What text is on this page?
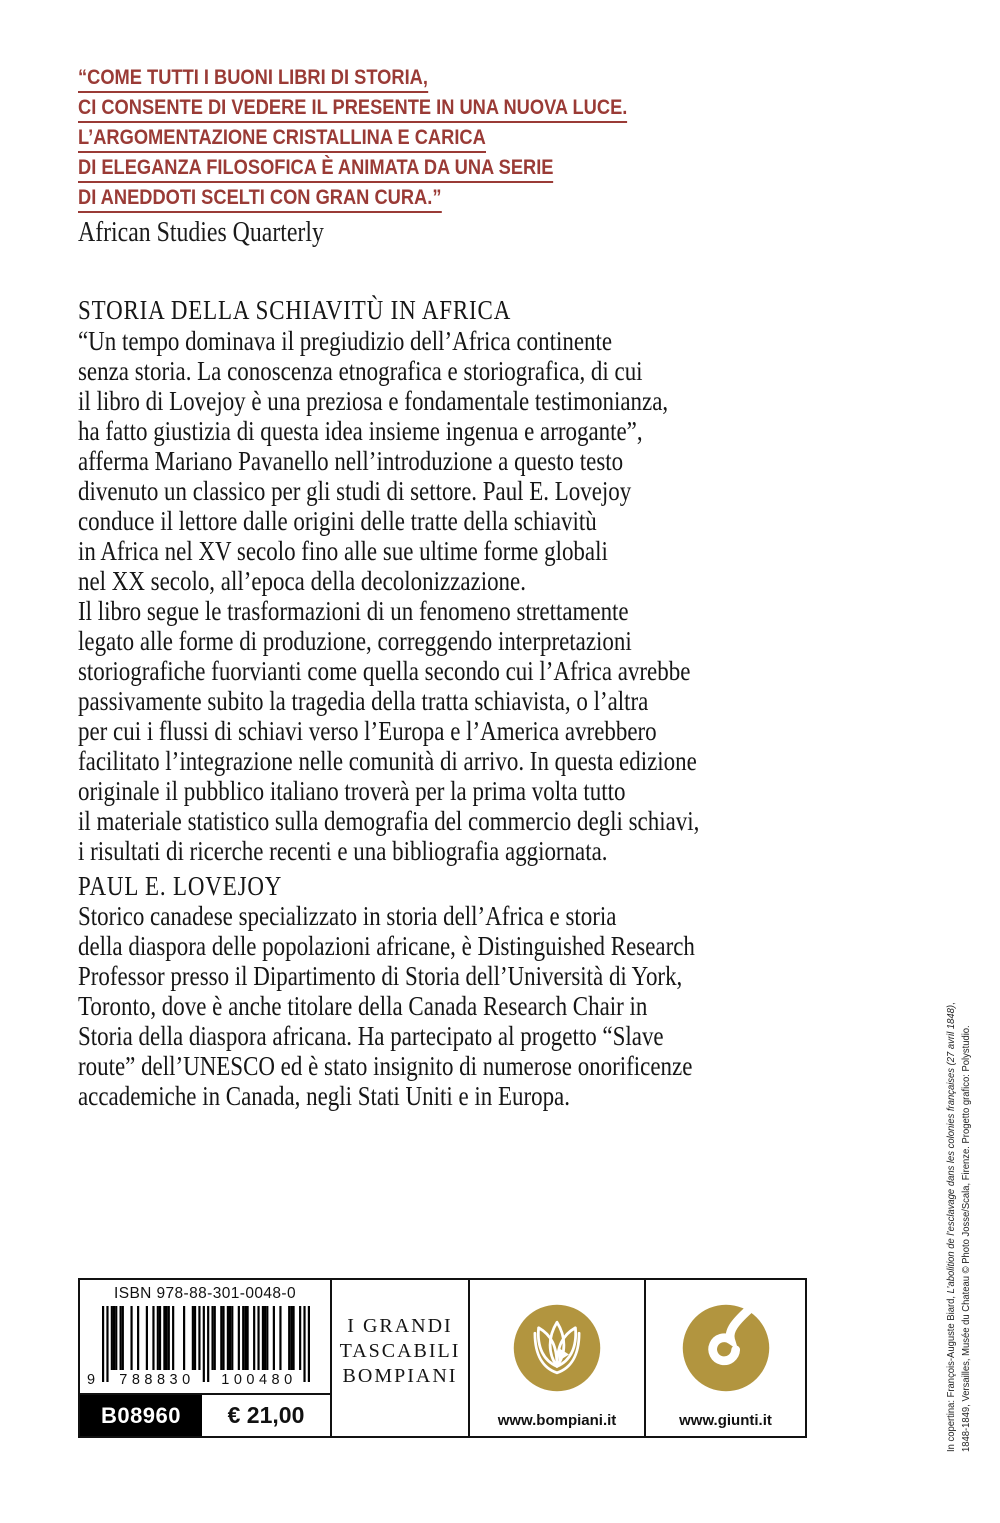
“COME TUTTI I BUONI LIBRI DI STORIA,
CI CONSENTE DI VEDERE IL PRESENTE IN UNA NUOVA LUCE.
L’ARGOMENTAZIONE CRISTALLINA E CARICA
DI ELEGANZA FILOSOFICA È ANIMATA DA UNA SERIE
DI ANEDDOTI SCELTI CON GRAN CURA.”
African Studies Quarterly
STORIA DELLA SCHIAVITÙ IN AFRICA
“Un tempo dominava il pregiudizio dell’Africa continente
senza storia. La conoscenza etnografica e storiografica, di cui
il libro di Lovejoy è una preziosa e fondamentale testimonianza,
ha fatto giustizia di questa idea insieme ingenua e arrogante”,
afferma Mariano Pavanello nell’introduzione a questo testo
divenuto un classico per gli studi di settore. Paul E. Lovejoy
conduce il lettore dalle origini delle tratte della schiavitù
in Africa nel XV secolo fino alle sue ultime forme globali
nel XX secolo, all’epoca della decolonizzazione.
Il libro segue le trasformazioni di un fenomeno strettamente
legato alle forme di produzione, correggendo interpretazioni
storiografiche fuorvianti come quella secondo cui l’Africa avrebbe
passivamente subito la tragedia della tratta schiavista, o l’altra
per cui i flussi di schiavi verso l’Europa e l’America avrebbero
facilitato l’integrazione nelle comunità di arrivo. In questa edizione
originale il pubblico italiano troverà per la prima volta tutto
il materiale statistico sulla demografia del commercio degli schiavi,
i risultati di ricerche recenti e una bibliografia aggiornata.
PAUL E. LOVEJOY
Storico canadese specializzato in storia dell’Africa e storia
della diaspora delle popolazioni africane, è Distinguished Research
Professor presso il Dipartimento di Storia dell’Università di York,
Toronto, dove è anche titolare della Canada Research Chair in
Storia della diaspora africana. Ha partecipato al progetto “Slave
route” dell’UNESCO ed è stato insignito di numerose onorificenze
accademiche in Canada, negli Stati Uniti e in Europa.
In copertina: François-Auguste Biard, L’abolition de l’esclavage dans les colonies françaises (27 avril 1848),
1848-1849, Versailles, Musée du Chateau © Photo Josse/Scala, Firenze. Progetto grafico: Polystudio.
ISBN 978-88-301-0048-0
9	788830	100480
B08960	€ 21,00
I GRANDI
TASCABILI
BOMPIANI
www.bompiani.it	www.giunti.it
